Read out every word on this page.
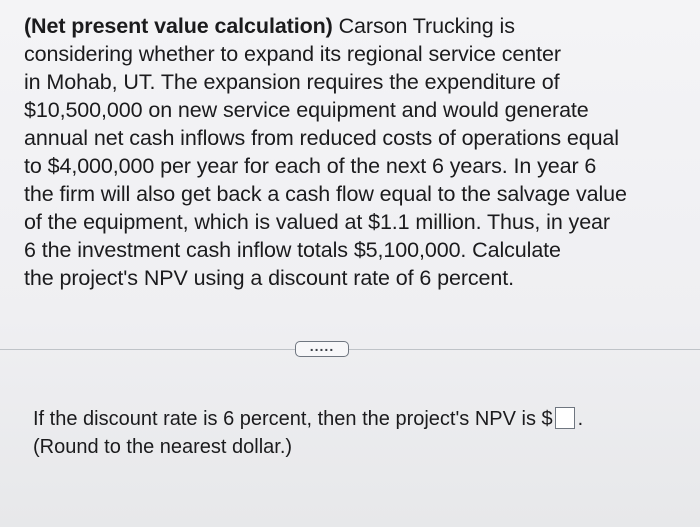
(Net present value calculation) Carson Trucking is
considering whether to expand its regional service center
in Mohab, UT. The expansion requires the expenditure of
$10,500,000 on new service equipment and would generate
annual net cash inflows from reduced costs of operations equal
to $4,000,000 per year for each of the next 6 years. In year 6
the firm will also get back a cash flow equal to the salvage value
of the equipment, which is valued at $1.1 million. Thus, in year
6 the investment cash inflow totals $5,100,000. Calculate
the project's NPV using a discount rate of 6 percent.
.....
If the discount rate is 6 percent, then the project's NPV is $ .
(Round to the nearest dollar.)
